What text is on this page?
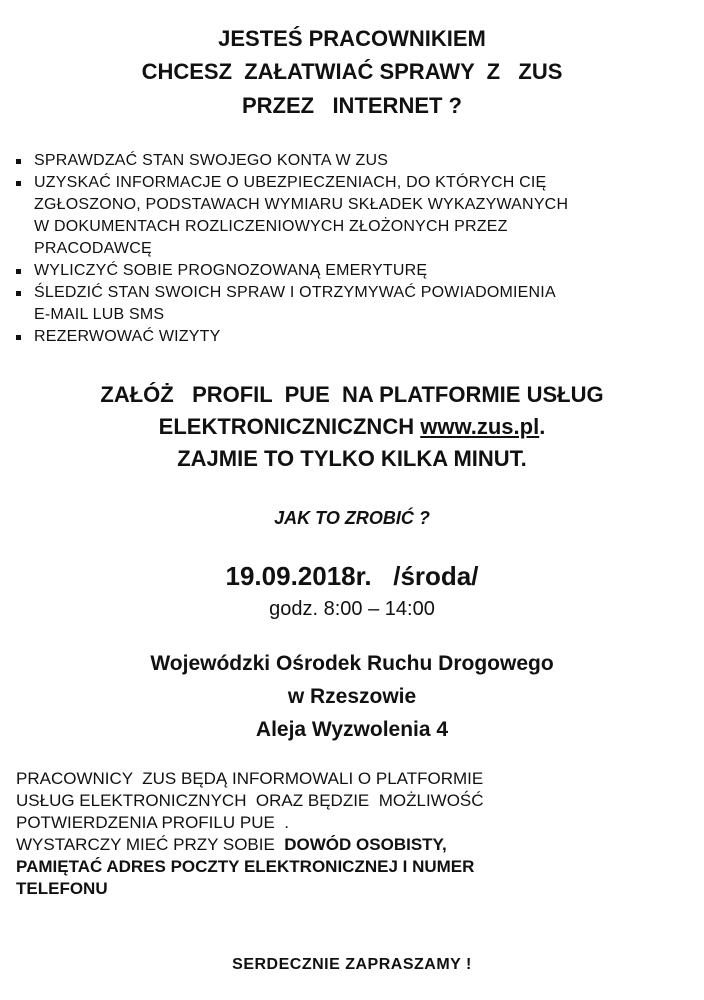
JESTEŚ PRACOWNIKIEM
CHCESZ  ZAŁATWIAĆ SPRAWY  Z   ZUS
PRZEZ   INTERNET ?
SPRAWDZAĆ STAN SWOJEGO KONTA W ZUS
UZYSKAĆ INFORMACJE O UBEZPIECZENIACH, DO KTÓRYCH CIĘ
ZGŁOSZONO, PODSTAWACH WYMIARU SKŁADEK WYKAZYWANYCH
W DOKUMENTACH ROZLICZENIOWYCH ZŁOŻONYCH PRZEZ
PRACODAWCĘ
WYLICZYĆ SOBIE PROGNOZOWANĄ EMERYTURĘ
ŚLEDZIĆ STAN SWOICH SPRAW I OTRZYMYWAĆ POWIADOMIENIA
E-MAIL LUB SMS
REZERWOWAĆ WIZYTY
ZAŁÓŻ   PROFIL  PUE  NA PLATFORMIE USŁUG
ELEKTRONICZNICZNCH www.zus.pl.
ZAJMIE TO TYLKO KILKA MINUT.
JAK TO ZROBIĆ ?
19.09.2018r.   /środa/
godz. 8:00 – 14:00
Wojewódzki Ośrodek Ruchu Drogowego
w Rzeszowie
Aleja Wyzwolenia 4
PRACOWNICY  ZUS BĘDĄ INFORMOWALI O PLATFORMIE
USŁUG ELEKTRONICZNYCH  ORAZ BĘDZIE  MOŻLIWOŚĆ
POTWIERDZENIA PROFILU PUE  .
WYSTARCZY MIEĆ PRZY SOBIE  DOWÓD OSOBISTY,
PAMIĘTAĆ ADRES POCZTY ELEKTRONICZNEJ I NUMER
TELEFONU
SERDECZNIE ZAPRASZAMY !
